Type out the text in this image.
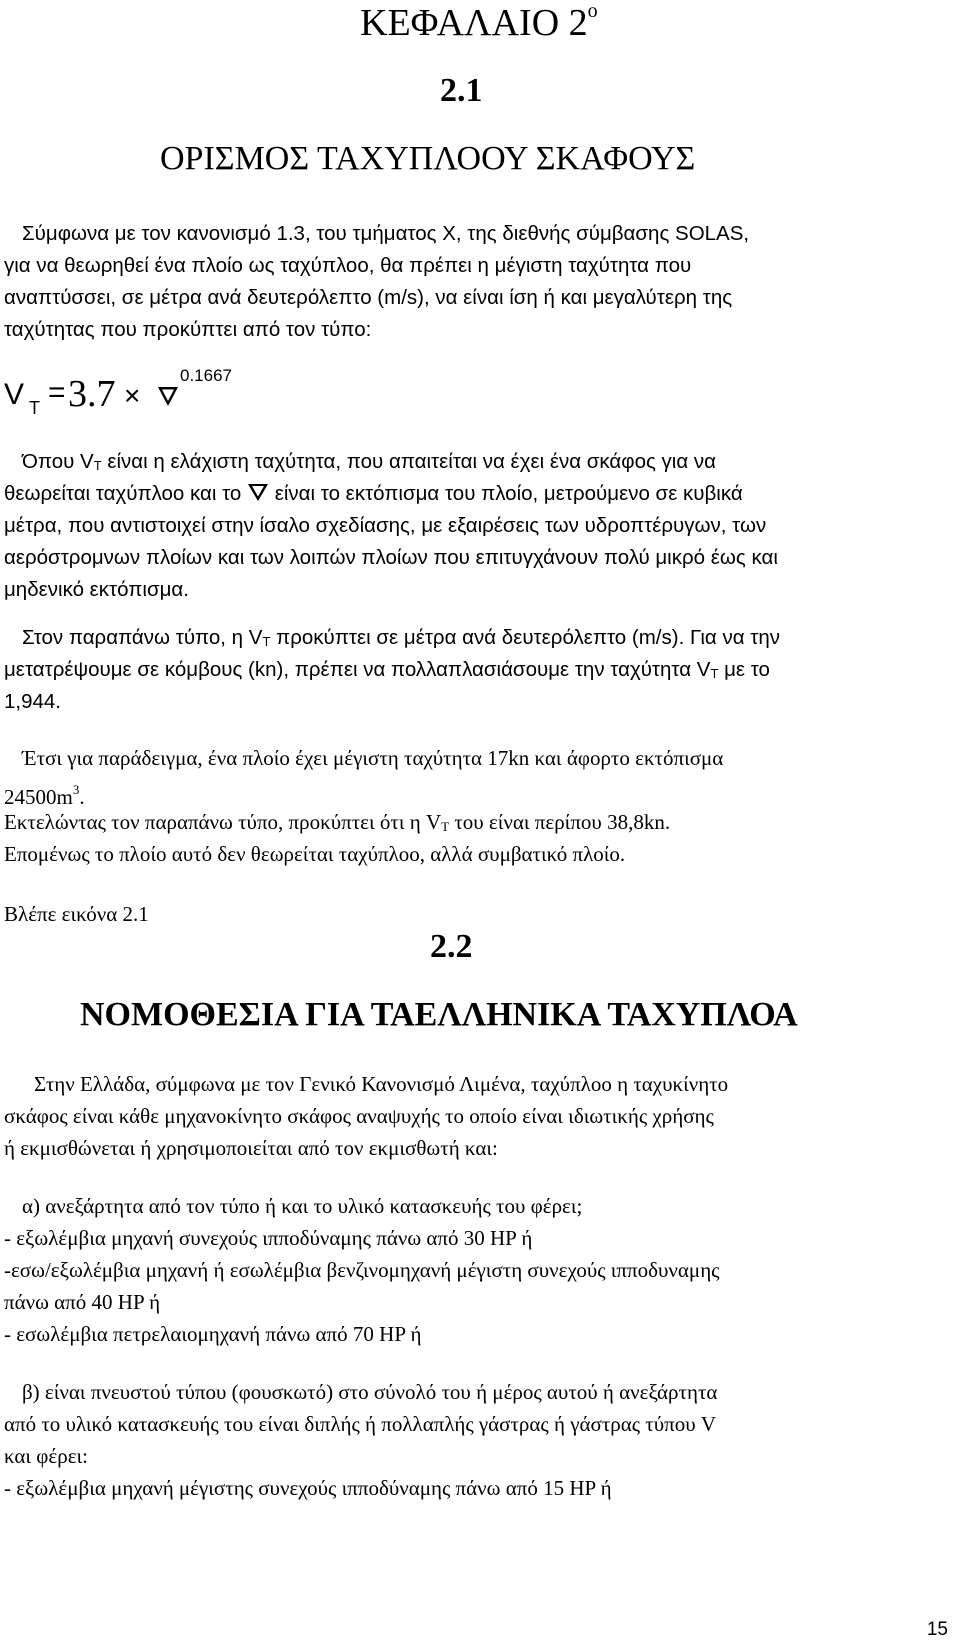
ΚΕΦΑΛΑΙΟ $2^o$
2.1
ΟΡΙΣΜΟΣ ΤΑΧΥΠΛΟΟΥ ΣΚΑΦΟΥΣ
Σύμφωνα με τον κανονισμό 1.3, του τμήματος Χ, της διεθνής σύμβασης SOLAS,
για να θεωρηθεί ένα πλοίο ως ταχύπλοο, θα πρέπει η μέγιστη ταχύτητα που
αναπτύσσει, σε μέτρα ανά δευτερόλεπτο (m/s), να είναι ίση ή και μεγαλύτερη της
ταχύτητας που προκύπτει από τον τύπο:
V T = 3.7 ×
0.1667
Όπου $V_T$ είναι η ελάχιστη ταχύτητα, που απαιτείται να έχει ένα σκάφος για να
θεωρείται ταχύπλοο και το  είναι το εκτόπισμα του πλοίο, μετρούμενο σε κυβικά
μέτρα, που αντιστοιχεί στην ίσαλο σχεδίασης, με εξαιρέσεις των υδροπτέρυγων, των
αερόστρομνων πλοίων και των λοιπών πλοίων που επιτυγχάνουν πολύ μικρό έως και
μηδενικό εκτόπισμα.
Στον παραπάνω τύπο, η $V_T$ προκύπτει σε μέτρα ανά δευτερόλεπτο (m/s). Για να την
μετατρέψουμε σε κόμβους (kn), πρέπει να πολλαπλασιάσουμε την ταχύτητα $V_T$ με το
1,944.
Έτσι για παράδειγμα, ένα πλοίο έχει μέγιστη ταχύτητα 17kn και άφορτο εκτόπισμα
$24500m^3$.
Εκτελώντας τον παραπάνω τύπο, προκύπτει ότι η $V_T$ του είναι περίπου 38,8kn.
Επομένως το πλοίο αυτό δεν θεωρείται ταχύπλοο, αλλά συμβατικό πλοίο.
Βλέπε εικόνα 2.1
2.2
ΝΟΜΟΘΕΣΙΑ ΓΙΑ ΤΑΕΛΛΗΝΙΚΑ ΤΑΧΥΠΛΟΑ
Στην Ελλάδα, σύμφωνα με τον Γενικό Κανονισμό Λιμένα, ταχύπλοο η ταχυκίνητο
σκάφος είναι κάθε μηχανοκίνητο σκάφος αναψυχής το οποίο είναι ιδιωτικής χρήσης
ή εκμισθώνεται ή χρησιμοποιείται από τον εκμισθωτή και:
α) ανεξάρτητα από τον τύπο ή και το υλικό κατασκευής του φέρει;
- εξωλέμβια μηχανή συνεχούς ιπποδύναμης πάνω από 30 HP ή
-εσω/εξωλέμβια μηχανή ή εσωλέμβια βενζινομηχανή μέγιστη συνεχούς ιπποδυναμης
πάνω από 40 HP ή
- εσωλέμβια πετρελαιομηχανή πάνω από 70 HP ή
β) είναι πνευστού τύπου (φουσκωτό) στο σύνολό του ή μέρος αυτού ή ανεξάρτητα
από το υλικό κατασκευής του είναι διπλής ή πολλαπλής γάστρας ή γάστρας τύπου V
και φέρει:
- εξωλέμβια μηχανή μέγιστης συνεχούς ιπποδύναμης πάνω από 15 HP ή
15
